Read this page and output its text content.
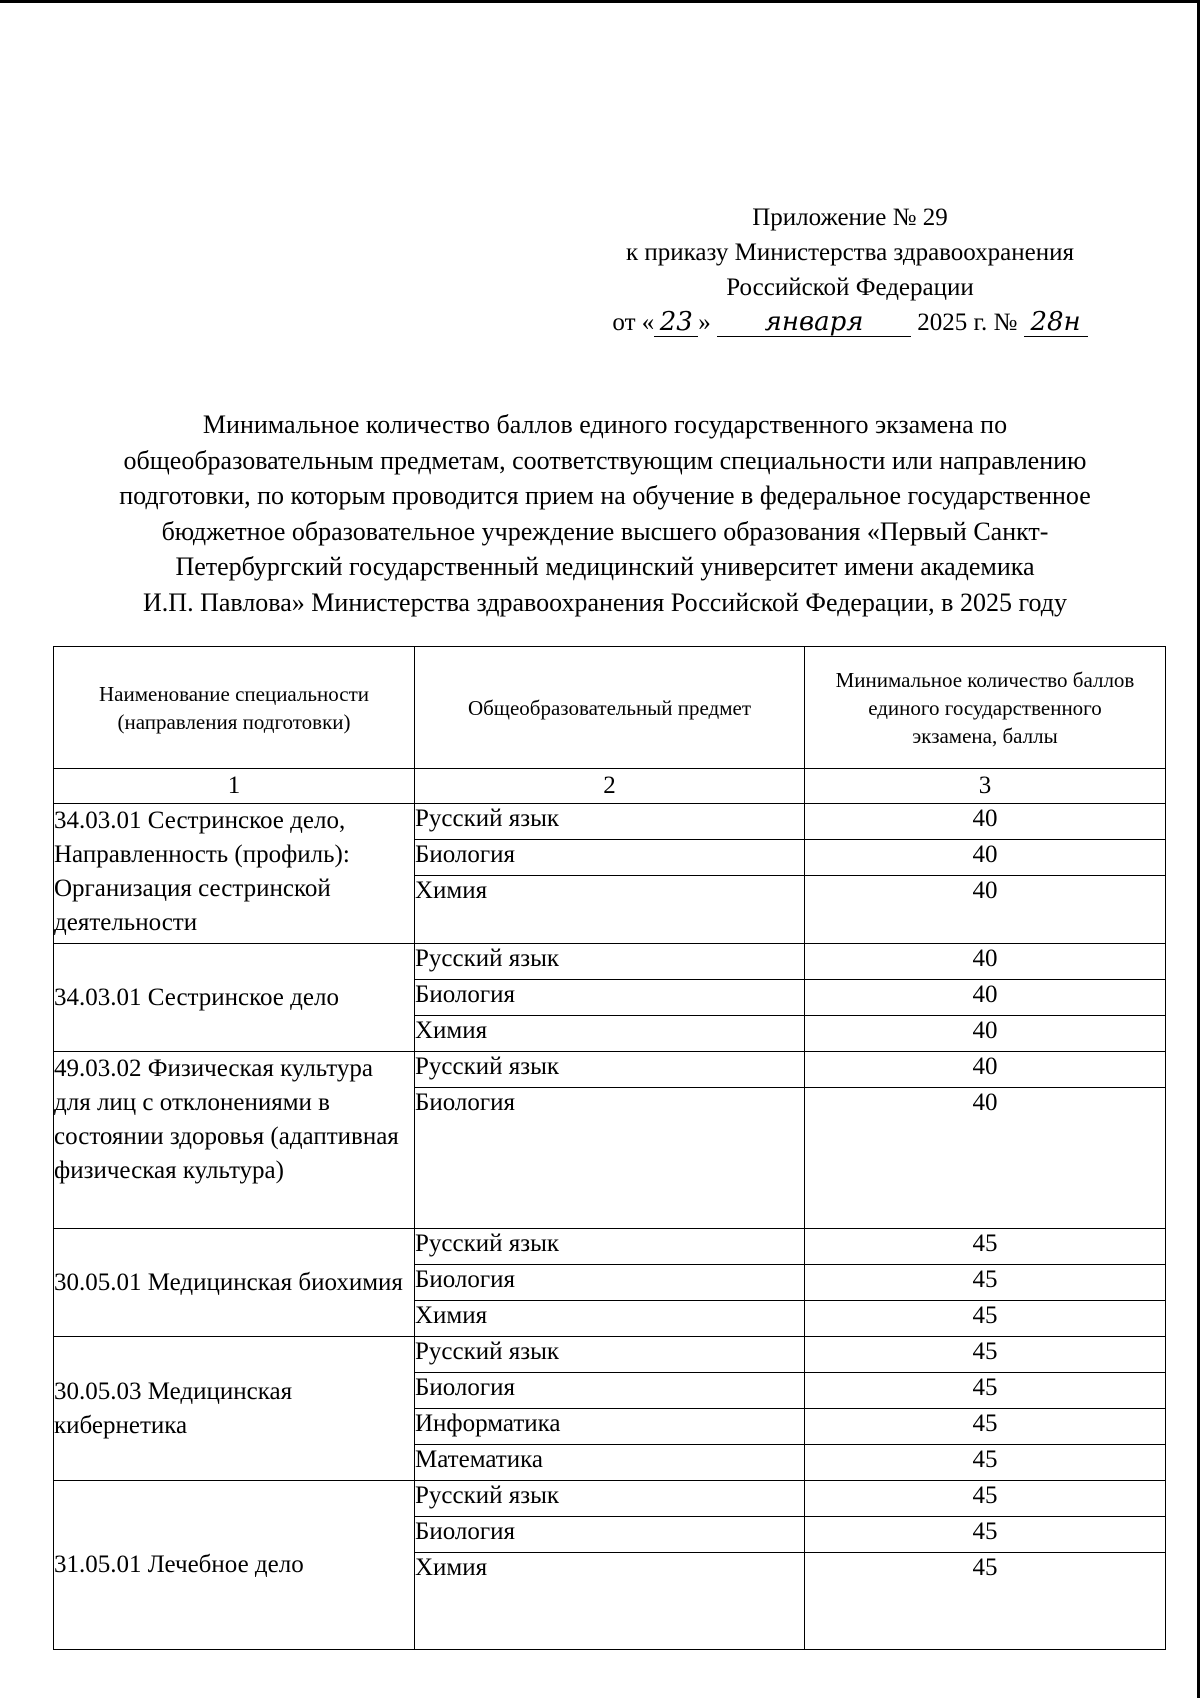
Приложение № 29
к приказу Министерства здравоохранения
Российской Федерации
от « 23 » января 2025 г. № 28н
Минимальное количество баллов единого государственного экзамена по
общеобразовательным предметам, соответствующим специальности или направлению
подготовки, по которым проводится прием на обучение в федеральное государственное
бюджетное образовательное учреждение высшего образования «Первый Санкт-
Петербургский государственный медицинский университет имени академика
И.П. Павлова» Министерства здравоохранения Российской Федерации, в 2025 году
Наименование специальности (направления подготовки)	Общеобразовательный предмет	Минимальное количество баллов единого государственного экзамена, баллы
1	2	3
34.03.01 Сестринское дело, Направленность (профиль): Организация сестринской деятельности	Русский язык	40
	Биология	40
	Химия	40
34.03.01 Сестринское дело	Русский язык	40
	Биология	40
	Химия	40
49.03.02 Физическая культура для лиц с отклонениями в состоянии здоровья (адаптивная физическая культура)	Русский язык	40
	Биология	40
30.05.01 Медицинская биохимия	Русский язык	45
	Биология	45
	Химия	45
30.05.03 Медицинская кибернетика	Русский язык	45
	Биология	45
	Информатика	45
	Математика	45
31.05.01 Лечебное дело	Русский язык	45
	Биология	45
	Химия	45
